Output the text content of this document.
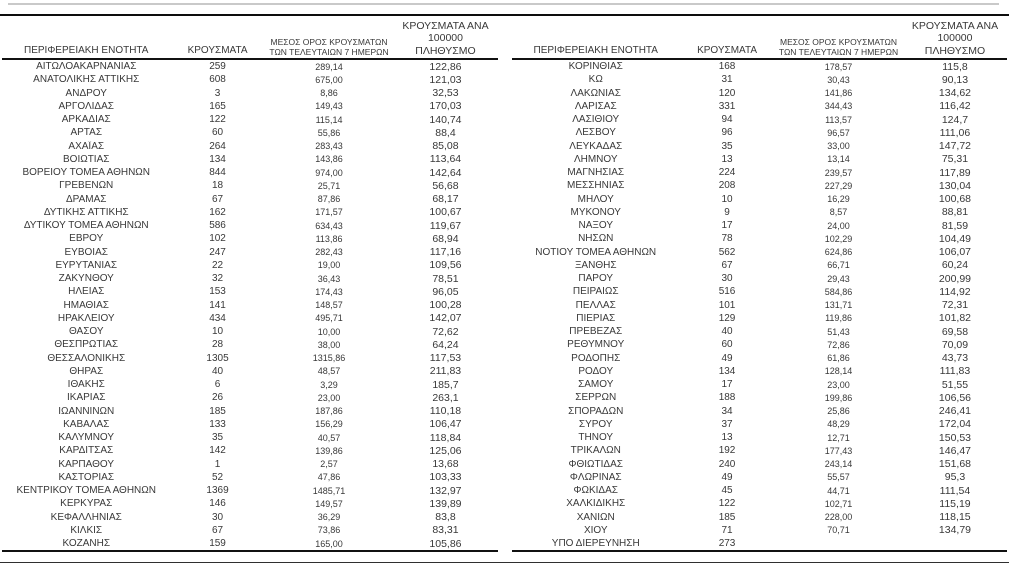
ΠΕΡΙΦΕΡΕΙΑΚΗ ΕΝΟΤΗΤΑ	ΚΡΟΥΣΜΑΤΑ
ΜΕΣΟΣ ΟΡΟΣ ΚΡΟΥΣΜΑΤΩΝ
ΤΩΝ ΤΕΛΕΥΤΑΙΩΝ 7 ΗΜΕΡΩΝ
ΚΡΟΥΣΜΑΤΑ ΑΝΑ 100000
ΠΛΗΘΥΣΜΟ
ΑΙΤΩΛΟΑΚΑΡΝΑΝΙΑΣ	259	289,14	122,86
ΑΝΑΤΟΛΙΚΗΣ ΑΤΤΙΚΗΣ	608	675,00	121,03
ΑΝΔΡΟΥ	3	8,86	32,53
ΑΡΓΟΛΙΔΑΣ	165	149,43	170,03
ΑΡΚΑΔΙΑΣ	122	115,14	140,74
ΑΡΤΑΣ	60	55,86	88,4
ΑΧΑΪΑΣ	264	283,43	85,08
ΒΟΙΩΤΙΑΣ	134	143,86	113,64
ΒΟΡΕΙΟΥ ΤΟΜΕΑ ΑΘΗΝΩΝ	844	974,00	142,64
ΓΡΕΒΕΝΩΝ	18	25,71	56,68
ΔΡΑΜΑΣ	67	87,86	68,17
ΔΥΤΙΚΗΣ ΑΤΤΙΚΗΣ	162	171,57	100,67
ΔΥΤΙΚΟΥ ΤΟΜΕΑ ΑΘΗΝΩΝ	586	634,43	119,67
ΕΒΡΟΥ	102	113,86	68,94
ΕΥΒΟΙΑΣ	247	282,43	117,16
ΕΥΡΥΤΑΝΙΑΣ	22	19,00	109,56
ΖΑΚΥΝΘΟΥ	32	36,43	78,51
ΗΛΕΙΑΣ	153	174,43	96,05
ΗΜΑΘΙΑΣ	141	148,57	100,28
ΗΡΑΚΛΕΙΟΥ	434	495,71	142,07
ΘΑΣΟΥ	10	10,00	72,62
ΘΕΣΠΡΩΤΙΑΣ	28	38,00	64,24
ΘΕΣΣΑΛΟΝΙΚΗΣ	1305	1315,86	117,53
ΘΗΡΑΣ	40	48,57	211,83
ΙΘΑΚΗΣ	6	3,29	185,7
ΙΚΑΡΙΑΣ	26	23,00	263,1
ΙΩΑΝΝΙΝΩΝ	185	187,86	110,18
ΚΑΒΑΛΑΣ	133	156,29	106,47
ΚΑΛΥΜΝΟΥ	35	40,57	118,84
ΚΑΡΔΙΤΣΑΣ	142	139,86	125,06
ΚΑΡΠΑΘΟΥ	1	2,57	13,68
ΚΑΣΤΟΡΙΑΣ	52	47,86	103,33
ΚΕΝΤΡΙΚΟΥ ΤΟΜΕΑ ΑΘΗΝΩΝ	1369	1485,71	132,97
ΚΕΡΚΥΡΑΣ	146	149,57	139,89
ΚΕΦΑΛΛΗΝΙΑΣ	30	36,29	83,8
ΚΙΛΚΙΣ	67	73,86	83,31
ΚΟΖΑΝΗΣ	159	165,00	105,86
ΠΕΡΙΦΕΡΕΙΑΚΗ ΕΝΟΤΗΤΑ	ΚΡΟΥΣΜΑΤΑ
ΜΕΣΟΣ ΟΡΟΣ ΚΡΟΥΣΜΑΤΩΝ
ΤΩΝ ΤΕΛΕΥΤΑΙΩΝ 7 ΗΜΕΡΩΝ
ΚΡΟΥΣΜΑΤΑ ΑΝΑ 100000
ΠΛΗΘΥΣΜΟ
ΚΟΡΙΝΘΙΑΣ	168	178,57	115,8
ΚΩ	31	30,43	90,13
ΛΑΚΩΝΙΑΣ	120	141,86	134,62
ΛΑΡΙΣΑΣ	331	344,43	116,42
ΛΑΣΙΘΙΟΥ	94	113,57	124,7
ΛΕΣΒΟΥ	96	96,57	111,06
ΛΕΥΚΑΔΑΣ	35	33,00	147,72
ΛΗΜΝΟΥ	13	13,14	75,31
ΜΑΓΝΗΣΙΑΣ	224	239,57	117,89
ΜΕΣΣΗΝΙΑΣ	208	227,29	130,04
ΜΗΛΟΥ	10	16,29	100,68
ΜΥΚΟΝΟΥ	9	8,57	88,81
ΝΑΞΟΥ	17	24,00	81,59
ΝΗΣΩΝ	78	102,29	104,49
ΝΟΤΙΟΥ ΤΟΜΕΑ ΑΘΗΝΩΝ	562	624,86	106,07
ΞΑΝΘΗΣ	67	66,71	60,24
ΠΑΡΟΥ	30	29,43	200,99
ΠΕΙΡΑΙΩΣ	516	584,86	114,92
ΠΕΛΛΑΣ	101	131,71	72,31
ΠΙΕΡΙΑΣ	129	119,86	101,82
ΠΡΕΒΕΖΑΣ	40	51,43	69,58
ΡΕΘΥΜΝΟΥ	60	72,86	70,09
ΡΟΔΟΠΗΣ	49	61,86	43,73
ΡΟΔΟΥ	134	128,14	111,83
ΣΑΜΟΥ	17	23,00	51,55
ΣΕΡΡΩΝ	188	199,86	106,56
ΣΠΟΡΑΔΩΝ	34	25,86	246,41
ΣΥΡΟΥ	37	48,29	172,04
ΤΗΝΟΥ	13	12,71	150,53
ΤΡΙΚΑΛΩΝ	192	177,43	146,47
ΦΘΙΩΤΙΔΑΣ	240	243,14	151,68
ΦΛΩΡΙΝΑΣ	49	55,57	95,3
ΦΩΚΙΔΑΣ	45	44,71	111,54
ΧΑΛΚΙΔΙΚΗΣ	122	102,71	115,19
ΧΑΝΙΩΝ	185	228,00	118,15
ΧΙΟΥ	71	70,71	134,79
ΥΠΟ ΔΙΕΡΕΥΝΗΣΗ	273
